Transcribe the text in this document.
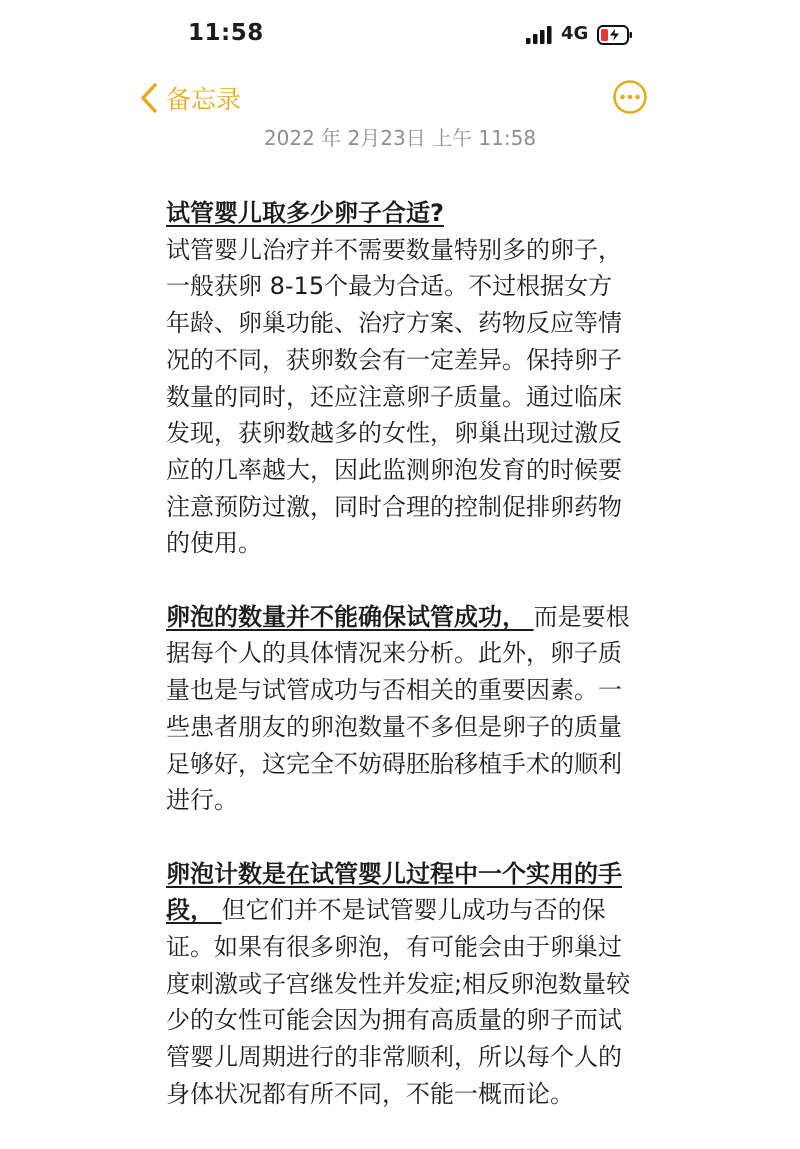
11:58	4G
备忘录
2022 年 2月23日 上午 11:58
试管婴儿取多少卵子合适?
试管婴儿治疗并不需要数量特别多的卵子，一般获卵 8-15个最为合适。不过根据女方年龄、卵巢功能、治疗方案、药物反应等情况的不同，获卵数会有一定差异。保持卵子数量的同时，还应注意卵子质量。通过临床发现，获卵数越多的女性，卵巢出现过激反应的几率越大，因此监测卵泡发育的时候要注意预防过激，同时合理的控制促排卵药物的使用。
卵泡的数量并不能确保试管成功， 而是要根据每个人的具体情况来分析。此外，卵子质量也是与试管成功与否相关的重要因素。一些患者朋友的卵泡数量不多但是卵子的质量足够好，这完全不妨碍胚胎移植手术的顺利进行。
卵泡计数是在试管婴儿过程中一个实用的手段， 但它们并不是试管婴儿成功与否的保证。如果有很多卵泡，有可能会由于卵巢过度刺激或子宫继发性并发症;相反卵泡数量较少的女性可能会因为拥有高质量的卵子而试管婴儿周期进行的非常顺利，所以每个人的身体状况都有所不同，不能一概而论。
